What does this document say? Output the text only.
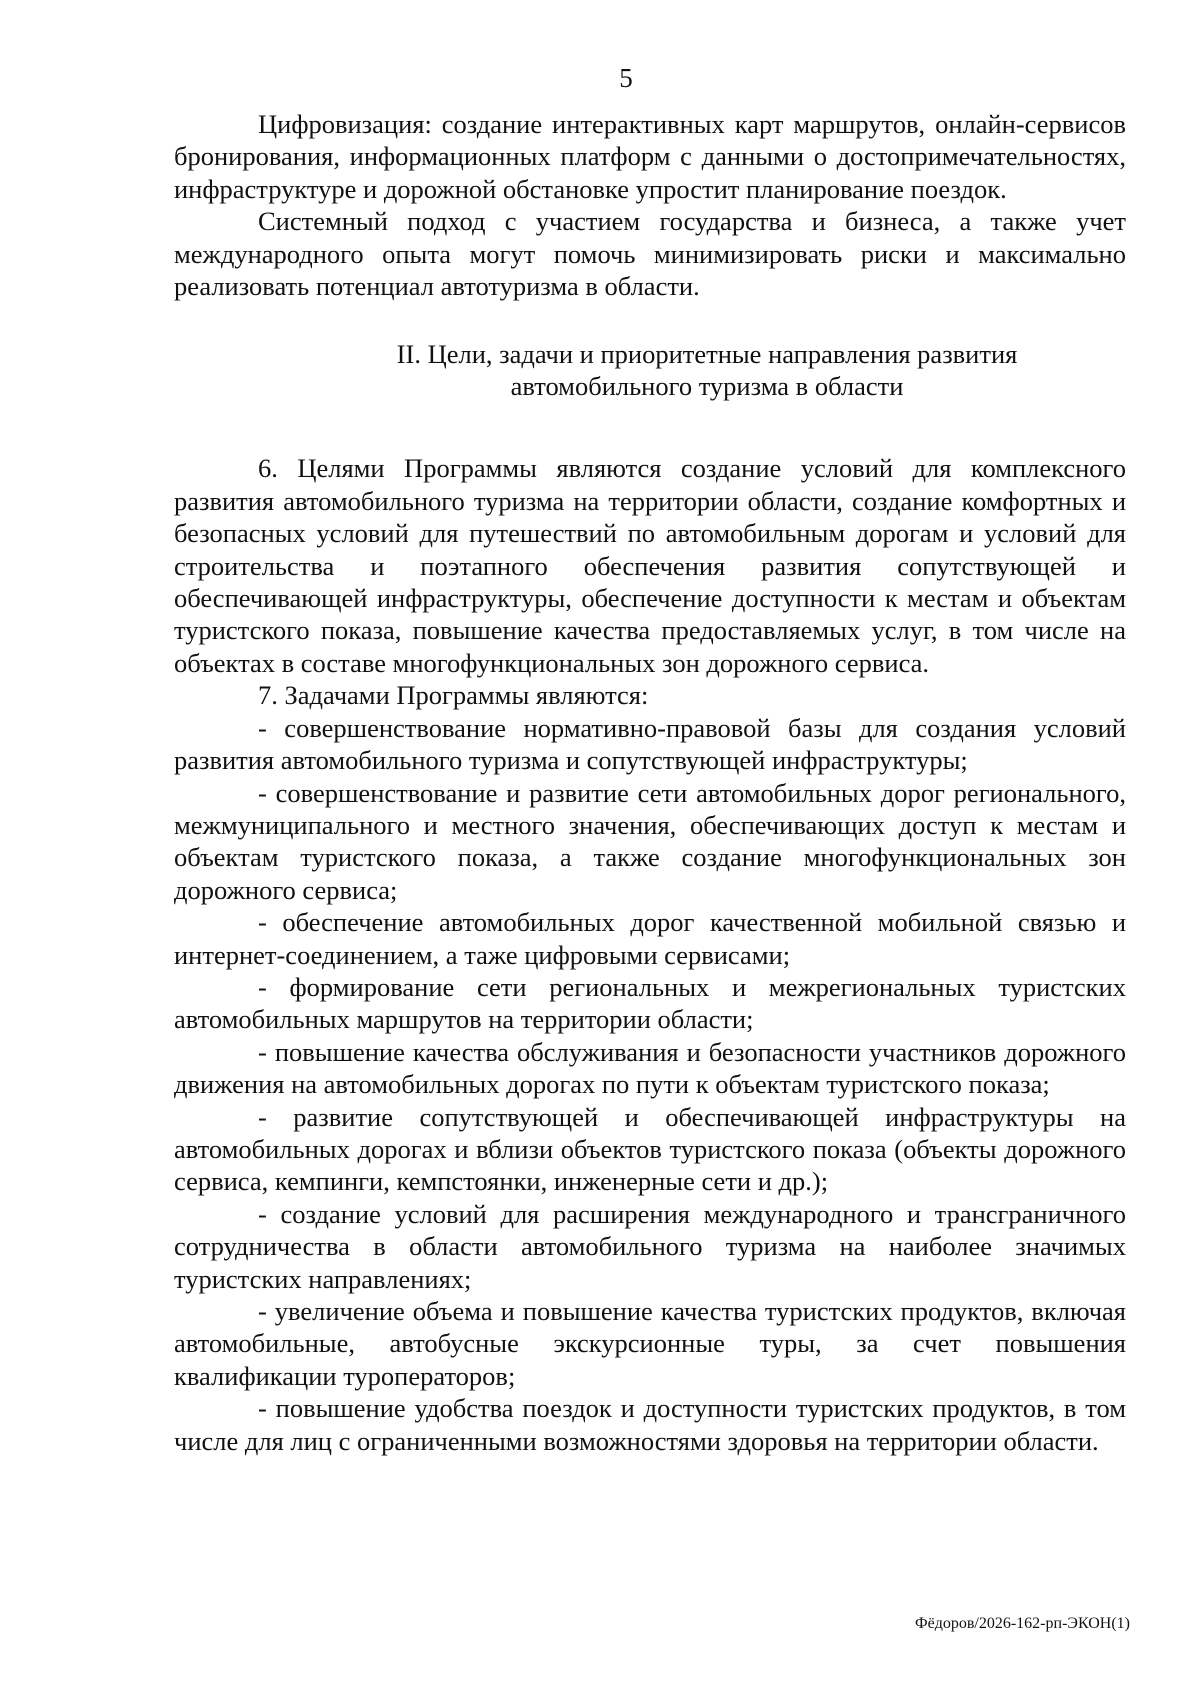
5

Цифровизация: создание интерактивных карт маршрутов, онлайн-сервисов бронирования, информационных платформ с данными о достопримечательностях, инфраструктуре и дорожной обстановке упростит планирование поездок.

Системный подход с участием государства и бизнеса, а также учет международного опыта могут помочь минимизировать риски и максимально реализовать потенциал автотуризма в области.

II. Цели, задачи и приоритетные направления развития
автомобильного туризма в области

6. Целями Программы являются создание условий для комплексного развития автомобильного туризма на территории области, создание комфортных и безопасных условий для путешествий по автомобильным дорогам и условий для строительства и поэтапного обеспечения развития сопутствующей и обеспечивающей инфраструктуры, обеспечение доступности к местам и объектам туристского показа, повышение качества предоставляемых услуг, в том числе на объектах в составе многофункциональных зон дорожного сервиса.

7. Задачами Программы являются:

- совершенствование нормативно-правовой базы для создания условий развития автомобильного туризма и сопутствующей инфраструктуры;

- совершенствование и развитие сети автомобильных дорог регионального, межмуниципального и местного значения, обеспечивающих доступ к местам и объектам туристского показа, а также создание многофункциональных зон дорожного сервиса;

- обеспечение автомобильных дорог качественной мобильной связью и интернет-соединением, а таже цифровыми сервисами;

- формирование сети региональных и межрегиональных туристских автомобильных маршрутов на территории области;

- повышение качества обслуживания и безопасности участников дорожного движения на автомобильных дорогах по пути к объектам туристского показа;

- развитие сопутствующей и обеспечивающей инфраструктуры на автомобильных дорогах и вблизи объектов туристского показа (объекты дорожного сервиса, кемпинги, кемпстоянки, инженерные сети и др.);

- создание условий для расширения международного и трансграничного сотрудничества в области автомобильного туризма на наиболее значимых туристских направлениях;

- увеличение объема и повышение качества туристских продуктов, включая автомобильные, автобусные экскурсионные туры, за счет повышения квалификации туроператоров;

- повышение удобства поездок и доступности туристских продуктов, в том числе для лиц с ограниченными возможностями здоровья на территории области.

Фёдоров/2026-162-рп-ЭКОН(1)
